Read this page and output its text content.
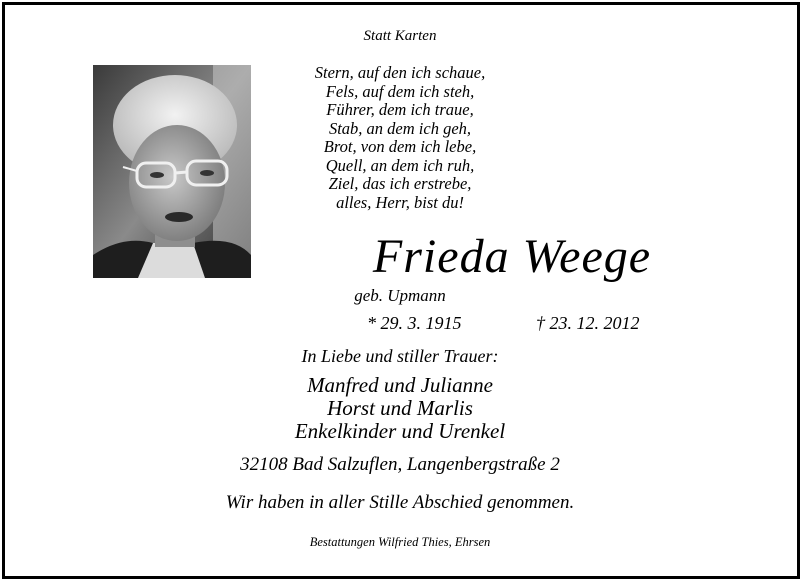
Statt Karten
Stern, auf den ich schaue,
Fels, auf dem ich steh,
Führer, dem ich traue,
Stab, an dem ich geh,
Brot, von dem ich lebe,
Quell, an dem ich ruh,
Ziel, das ich erstrebe,
alles, Herr, bist du!
Frieda Weege
geb. Upmann
* 29. 3. 1915	† 23. 12. 2012
In Liebe und stiller Trauer:
Manfred und Julianne
Horst und Marlis
Enkelkinder und Urenkel
32108 Bad Salzuflen, Langenbergstraße 2
Wir haben in aller Stille Abschied genommen.
Bestattungen Wilfried Thies, Ehrsen
